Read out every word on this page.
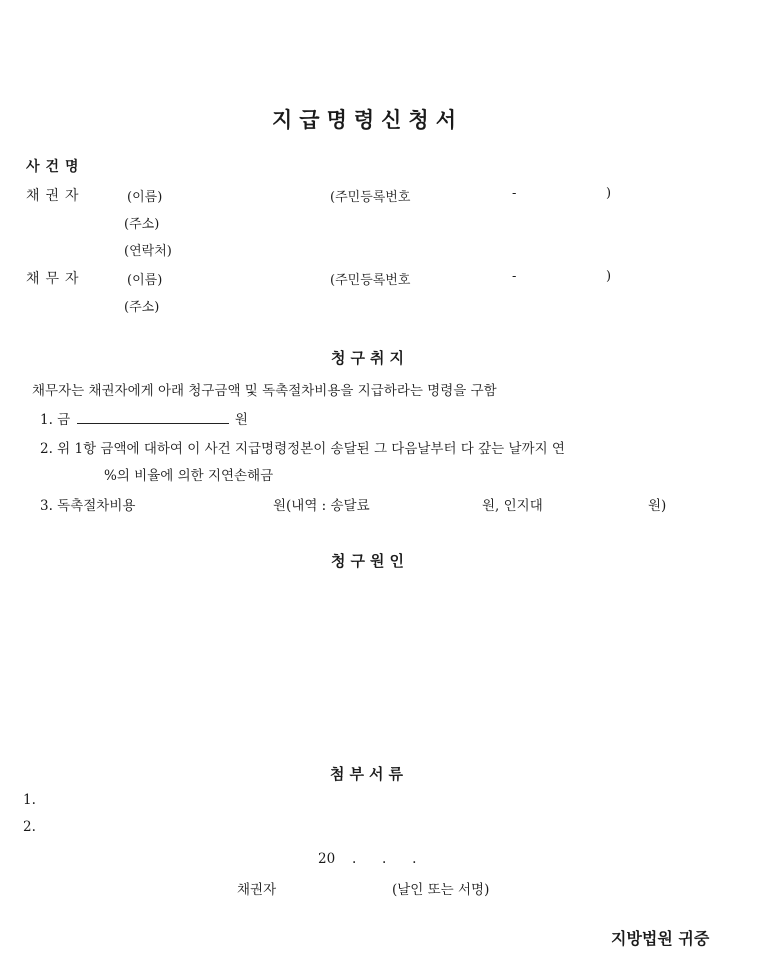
지급명령신청서
사건명
채권자	(이름)	(주민등록번호	-	)
(주소)
(연락처)
채무자	(이름)	(주민등록번호	-	)
(주소)
청구취지
채무자는 채권자에게 아래 청구금액 및 독촉절차비용을 지급하라는 명령을 구함
1. 금	원
2. 위 1항 금액에 대하여 이 사건 지급명령정본이 송달된 그 다음날부터 다 갚는 날까지 연
%의 비율에 의한 지연손해금
3. 독촉절차비용	원(내역 : 송달료	원, 인지대	원)
청구원인
첨부서류
1.
2.
20 .      .      .
채권자	(날인 또는 서명)
지방법원 귀중
